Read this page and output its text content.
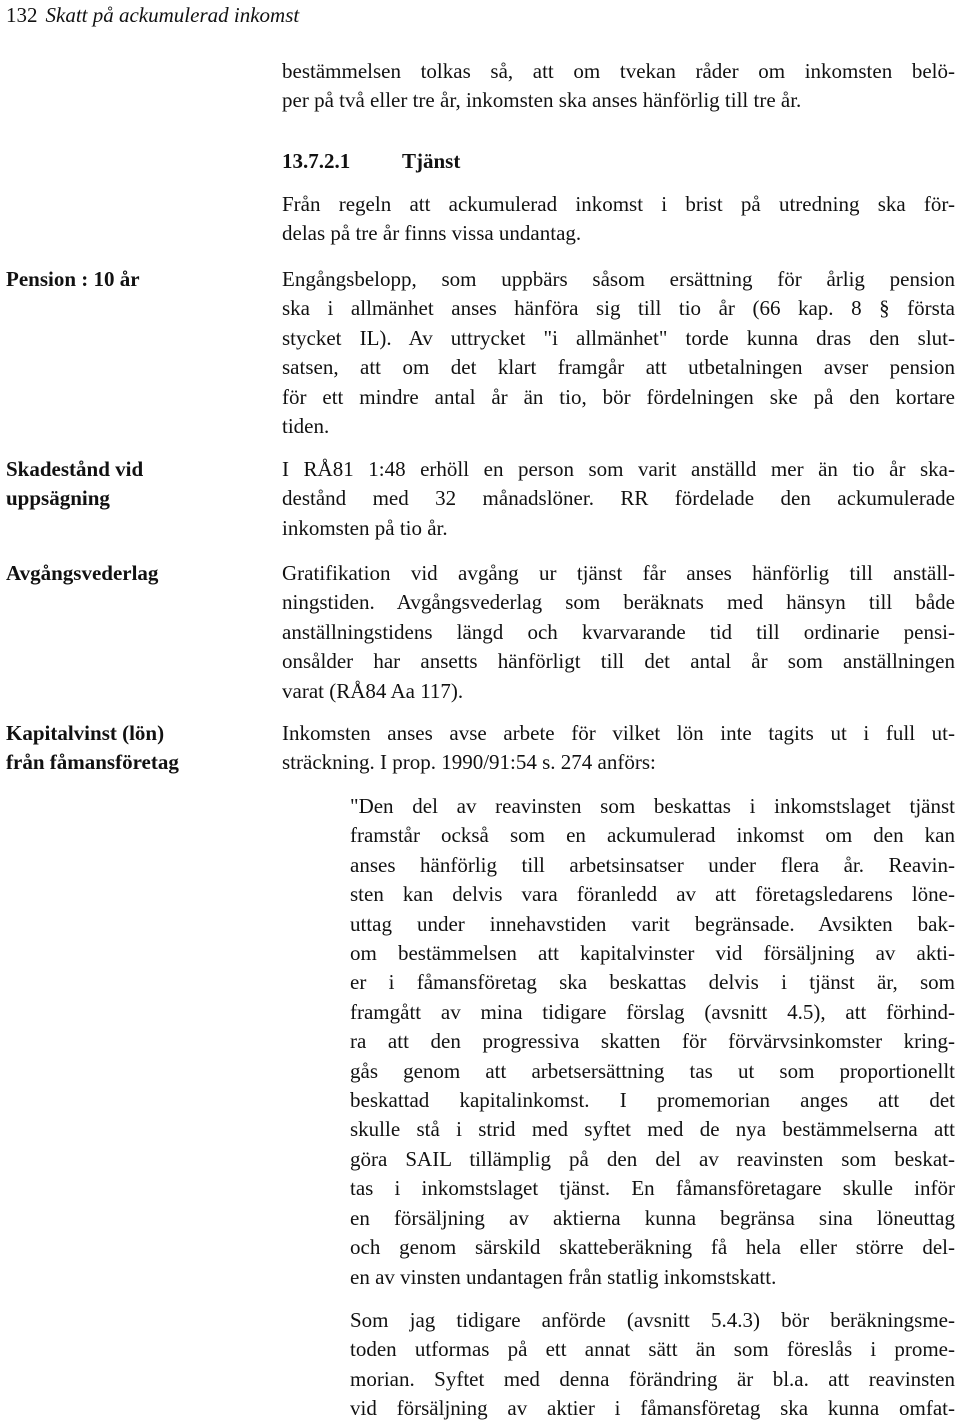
132 Skatt på ackumulerad inkomst
bestämmelsen tolkas så, att om tvekan råder om inkomsten belö-
per på två eller tre år, inkomsten ska anses hänförlig till tre år.
13.7.2.1 Tjänst
Från regeln att ackumulerad inkomst i brist på utredning ska för-
delas på tre år finns vissa undantag.
Pension : 10 år	Engångsbelopp, som uppbärs såsom ersättning för årlig pension
ska i allmänhet anses hänföra sig till tio år (66 kap. 8 § första
stycket IL). Av uttrycket "i allmänhet" torde kunna dras den slut-
satsen, att om det klart framgår att utbetalningen avser pension
för ett mindre antal år än tio, bör fördelningen ske på den kortare
tiden.
Skadestånd vid
uppsägning
I RÅ81 1:48 erhöll en person som varit anställd mer än tio år ska-
destånd med 32 månadslöner. RR fördelade den ackumulerade
inkomsten på tio år.
Avgångsvederlag	Gratifikation vid avgång ur tjänst får anses hänförlig till anställ-
ningstiden. Avgångsvederlag som beräknats med hänsyn till både
anställningstidens längd och kvarvarande tid till ordinarie pensi-
onsålder har ansetts hänförligt till det antal år som anställningen
varat (RÅ84 Aa 117).
Kapitalvinst (lön)
från fåmansföretag
Inkomsten anses avse arbete för vilket lön inte tagits ut i full ut-
sträckning. I prop. 1990/91:54 s. 274 anförs:
"Den del av reavinsten som beskattas i inkomstslaget tjänst
framstår också som en ackumulerad inkomst om den kan
anses hänförlig till arbetsinsatser under flera år. Reavin-
sten kan delvis vara föranledd av att företagsledarens löne-
uttag under innehavstiden varit begränsade. Avsikten bak-
om bestämmelsen att kapitalvinster vid försäljning av akti-
er i fåmansföretag ska beskattas delvis i tjänst är, som
framgått av mina tidigare förslag (avsnitt 4.5), att förhind-
ra att den progressiva skatten för förvärvsinkomster kring-
gås genom att arbetsersättning tas ut som proportionellt
beskattad kapitalinkomst. I promemorian anges att det
skulle stå i strid med syftet med de nya bestämmelserna att
göra SAIL tillämplig på den del av reavinsten som beskat-
tas i inkomstslaget tjänst. En fåmansföretagare skulle inför
en försäljning av aktierna kunna begränsa sina löneuttag
och genom särskild skatteberäkning få hela eller större del-
en av vinsten undantagen från statlig inkomstskatt.
Som jag tidigare anförde (avsnitt 5.4.3) bör beräkningsme-
toden utformas på ett annat sätt än som föreslås i prome-
morian. Syftet med denna förändring är bl.a. att reavinsten
vid försäljning av aktier i fåmansföretag ska kunna omfat-
